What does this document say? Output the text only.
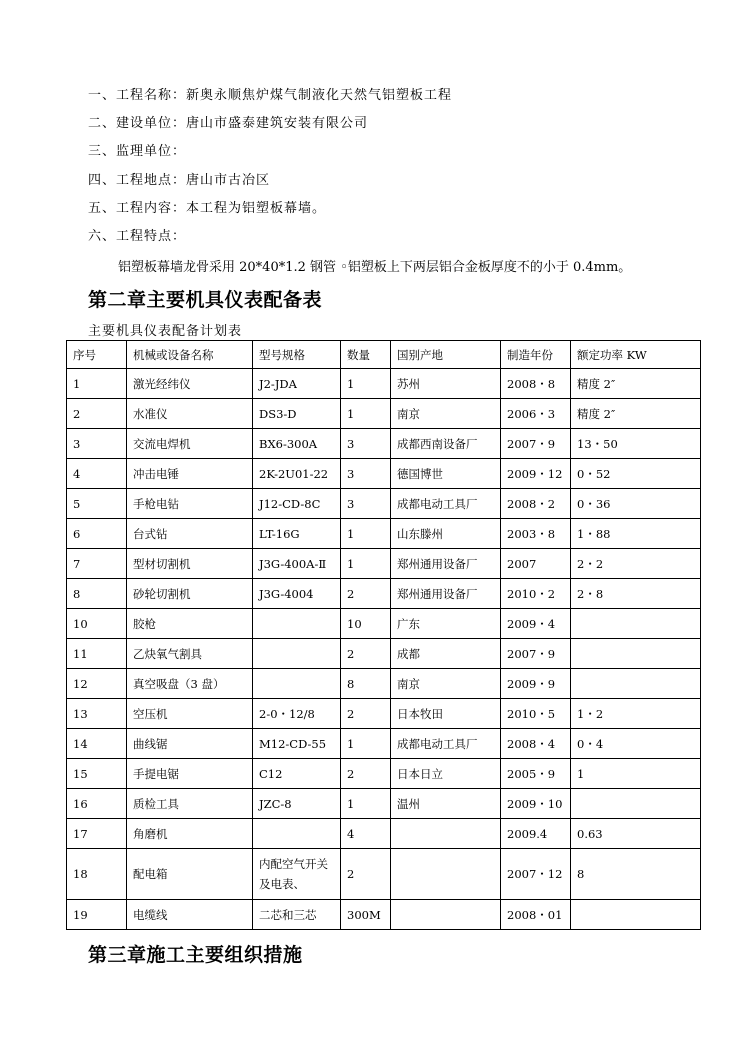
一、工程名称：新奥永顺焦炉煤气制液化天然气铝塑板工程
二、建设单位：唐山市盛泰建筑安装有限公司
三、监理单位：
四、工程地点：唐山市古冶区
五、工程内容：本工程为铝塑板幕墙。
六、工程特点：
铝塑板幕墙龙骨采用 20*40*1.2 钢管 ◦铝塑板上下两层铝合金板厚度不的小于 0.4mm。
第二章主要机具仪表配备表
主要机具仪表配备计划表
序号	机械或设备名称	型号规格	数量	国别产地	制造年份	额定功率 KW
1	激光经纬仪	J2-JDA	1	苏州	2008・8	精度 2″
2	水准仪	DS3-D	1	南京	2006・3	精度 2″
3	交流电焊机	BX6-300A	3	成都西南设备厂	2007・9	13・50
4	冲击电锤	2K-2U01-22	3	德国博世	2009・12	0・52
5	手枪电钻	J12-CD-8C	3	成都电动工具厂	2008・2	0・36
6	台式钻	LT-16G	1	山东滕州	2003・8	1・88
7	型材切割机	J3G-400A-Ⅱ	1	郑州通用设备厂	2007	2・2
8	砂轮切割机	J3G-4004	2	郑州通用设备厂	2010・2	2・8
10	胶枪		10	广东	2009・4	
11	乙炔氧气割具		2	成都	2007・9	
12	真空吸盘（3 盘）		8	南京	2009・9	
13	空压机	2-0・12/8	2	日本牧田	2010・5	1・2
14	曲线锯	M12-CD-55	1	成都电动工具厂	2008・4	0・4
15	手提电锯	C12	2	日本日立	2005・9	1
16	质检工具	JZC-8	1	温州	2009・10	
17	角磨机		4		2009.4	0.63
18	配电箱	内配空气开关及电表、	2		2007・12	8
19	电缆线	二芯和三芯	300M		2008・01	
第三章施工主要组织措施
